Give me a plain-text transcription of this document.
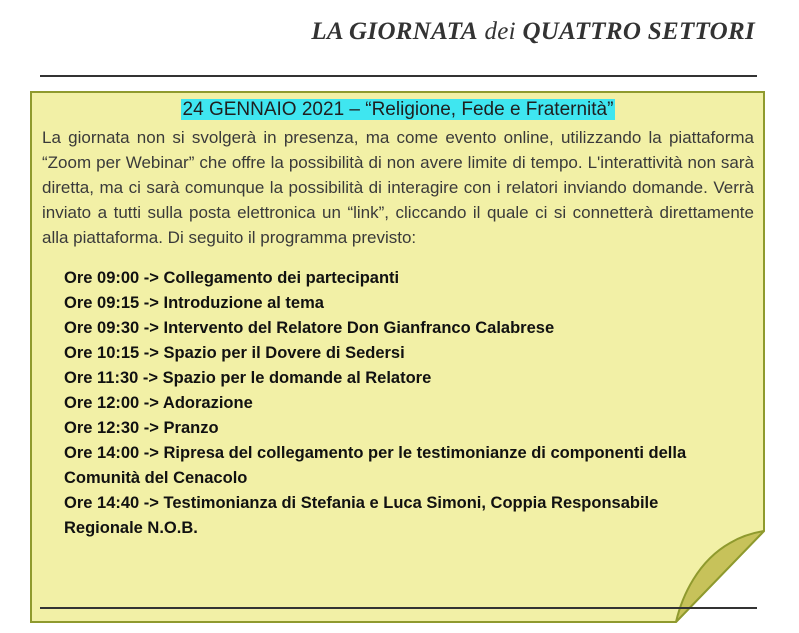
LA GIORNATA dei QUATTRO SETTORI

24 GENNAIO 2021 – “Religione, Fede e Fraternità”

La giornata non si svolgerà in presenza, ma come evento online, utilizzando la piattaforma “Zoom per Webinar” che offre la possibilità di non avere limite di tempo. L'interattività non sarà diretta, ma ci sarà comunque la possibilità di interagire con i relatori inviando domande. Verrà inviato a tutti sulla posta elettronica un “link”, cliccando il quale ci si connetterà direttamente alla piattaforma. Di seguito il programma previsto:

Ore 09:00 -> Collegamento dei partecipanti
Ore 09:15 -> Introduzione al tema
Ore 09:30 -> Intervento del Relatore Don Gianfranco Calabrese
Ore 10:15 -> Spazio per il Dovere di Sedersi
Ore 11:30 -> Spazio per le domande al Relatore
Ore 12:00 -> Adorazione
Ore 12:30 -> Pranzo
Ore 14:00 -> Ripresa del collegamento per le testimonianze di componenti della Comunità del Cenacolo
Ore 14:40 -> Testimonianza di Stefania e Luca Simoni, Coppia Responsabile Regionale N.O.B.
